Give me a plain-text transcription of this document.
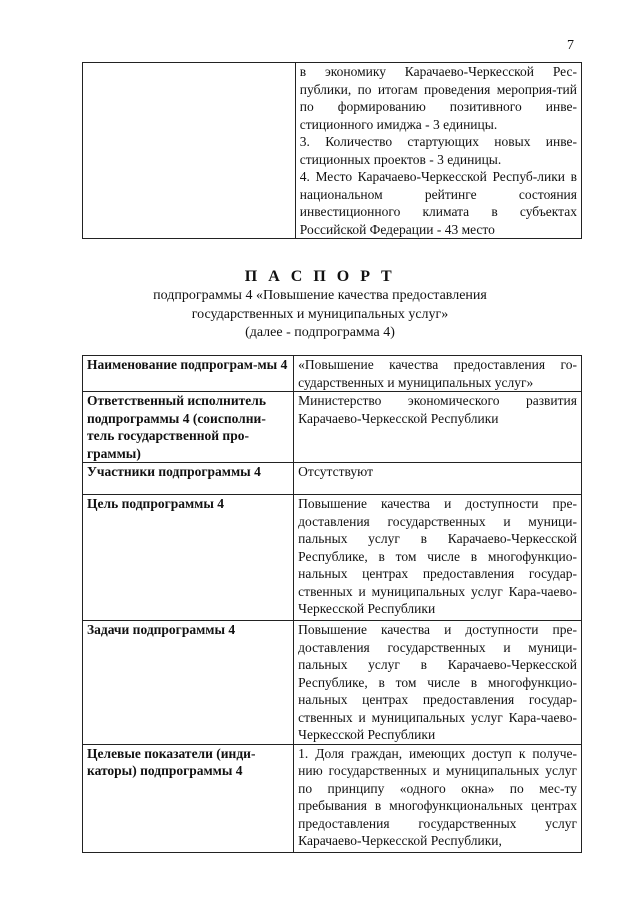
7

в экономику Карачаево-Черкесской Рес-публики, по итогам проведения мероприя-тий по формированию позитивного инве-стиционного имиджа - 3 единицы.

3. Количество стартующих новых инве-стиционных проектов - 3 единицы.

4. Место Карачаево-Черкесской Респуб-лики в национальном рейтинге состояния инвестиционного климата в субъектах Российской Федерации - 43 место

П А С П О Р Т
подпрограммы 4 «Повышение качества предоставления
государственных и муниципальных услуг»
(далее - подпрограмма 4)
Наименование подпрограм-мы 4	«Повышение качества предоставления го-сударственных и муниципальных услуг»

Ответственный исполнитель подпрограммы 4 (соисполни-тель государственной про-граммы)	Министерство экономического развития Карачаево-Черкесской Республики

Участники подпрограммы 4	Отсутствуют

Цель подпрограммы 4	Повышение качества и доступности пре-доставления государственных и муници-пальных услуг в Карачаево-Черкесской Республике, в том числе в многофункцио-нальных центрах предоставления государ-ственных и муниципальных услуг Кара-чаево-Черкесской Республики

Задачи подпрограммы 4	Повышение качества и доступности пре-доставления государственных и муници-пальных услуг в Карачаево-Черкесской Республике, в том числе в многофункцио-нальных центрах предоставления государ-ственных и муниципальных услуг Кара-чаево-Черкесской Республики

Целевые показатели (инди-каторы) подпрограммы 4	1. Доля граждан, имеющих доступ к получе-нию государственных и муниципальных услуг по принципу «одного окна» по мес-ту пребывания в многофункциональных центрах предоставления государственных услуг Карачаево-Черкесской Республики,
